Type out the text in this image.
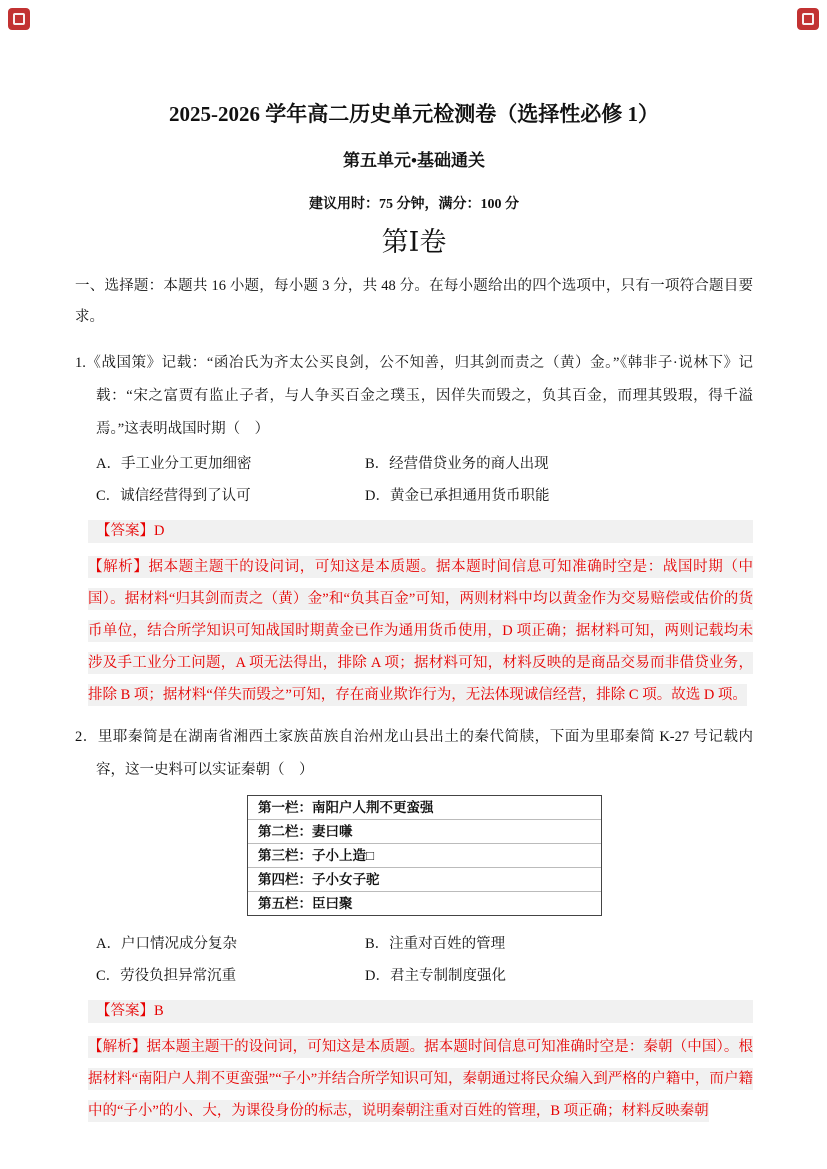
2025-2026 学年高二历史单元检测卷（选择性必修 1）
第五单元•基础通关
建议用时：75 分钟，满分：100 分
第Ⅰ卷

一、选择题：本题共 16 小题，每小题 3 分，共 48 分。在每小题给出的四个选项中，只有一项符合题目要求。

1.《战国策》记载：“函冶氏为齐太公买良剑，公不知善，归其剑而责之（黄）金。”《韩非子·说林下》记载：“宋之富贾有监止子者，与人争买百金之璞玉，因佯失而毁之，负其百金，而理其毁瑕，得千溢焉。”这表明战国时期（　）

A．手工业分工更加细密	B．经营借贷业务的商人出现
C．诚信经营得到了认可	D．黄金已承担通用货币职能
【答案】D

【解析】据本题主题干的设问词，可知这是本质题。据本题时间信息可知准确时空是：战国时期（中国）。据材料“归其剑而责之（黄）金”和“负其百金”可知，两则材料中均以黄金作为交易赔偿或估价的货币单位，结合所学知识可知战国时期黄金已作为通用货币使用，D 项正确；据材料可知，两则记载均未涉及手工业分工问题，A 项无法得出，排除 A 项；据材料可知，材料反映的是商品交易而非借贷业务，排除 B 项；据材料“佯失而毁之”可知，存在商业欺诈行为，无法体现诚信经营，排除 C 项。故选 D 项。

2．里耶秦简是在湖南省湘西土家族苗族自治州龙山县出土的秦代简牍，下面为里耶秦简 K-27 号记载内容，这一史料可以实证秦朝（　）

第一栏：南阳户人荆不更蛮强
第二栏：妻曰嗛
第三栏：子小上造□
第四栏：子小女子驼
第五栏：臣曰聚
A．户口情况成分复杂	B．注重对百姓的管理
C．劳役负担异常沉重	D．君主专制制度强化
【答案】B

【解析】据本题主题干的设问词，可知这是本质题。据本题时间信息可知准确时空是：秦朝（中国）。根据材料“南阳户人荆不更蛮强”“子小”并结合所学知识可知，秦朝通过将民众编入到严格的户籍中，而户籍中的“子小”的小、大，为课役身份的标志，说明秦朝注重对百姓的管理，B 项正确；材料反映秦朝
